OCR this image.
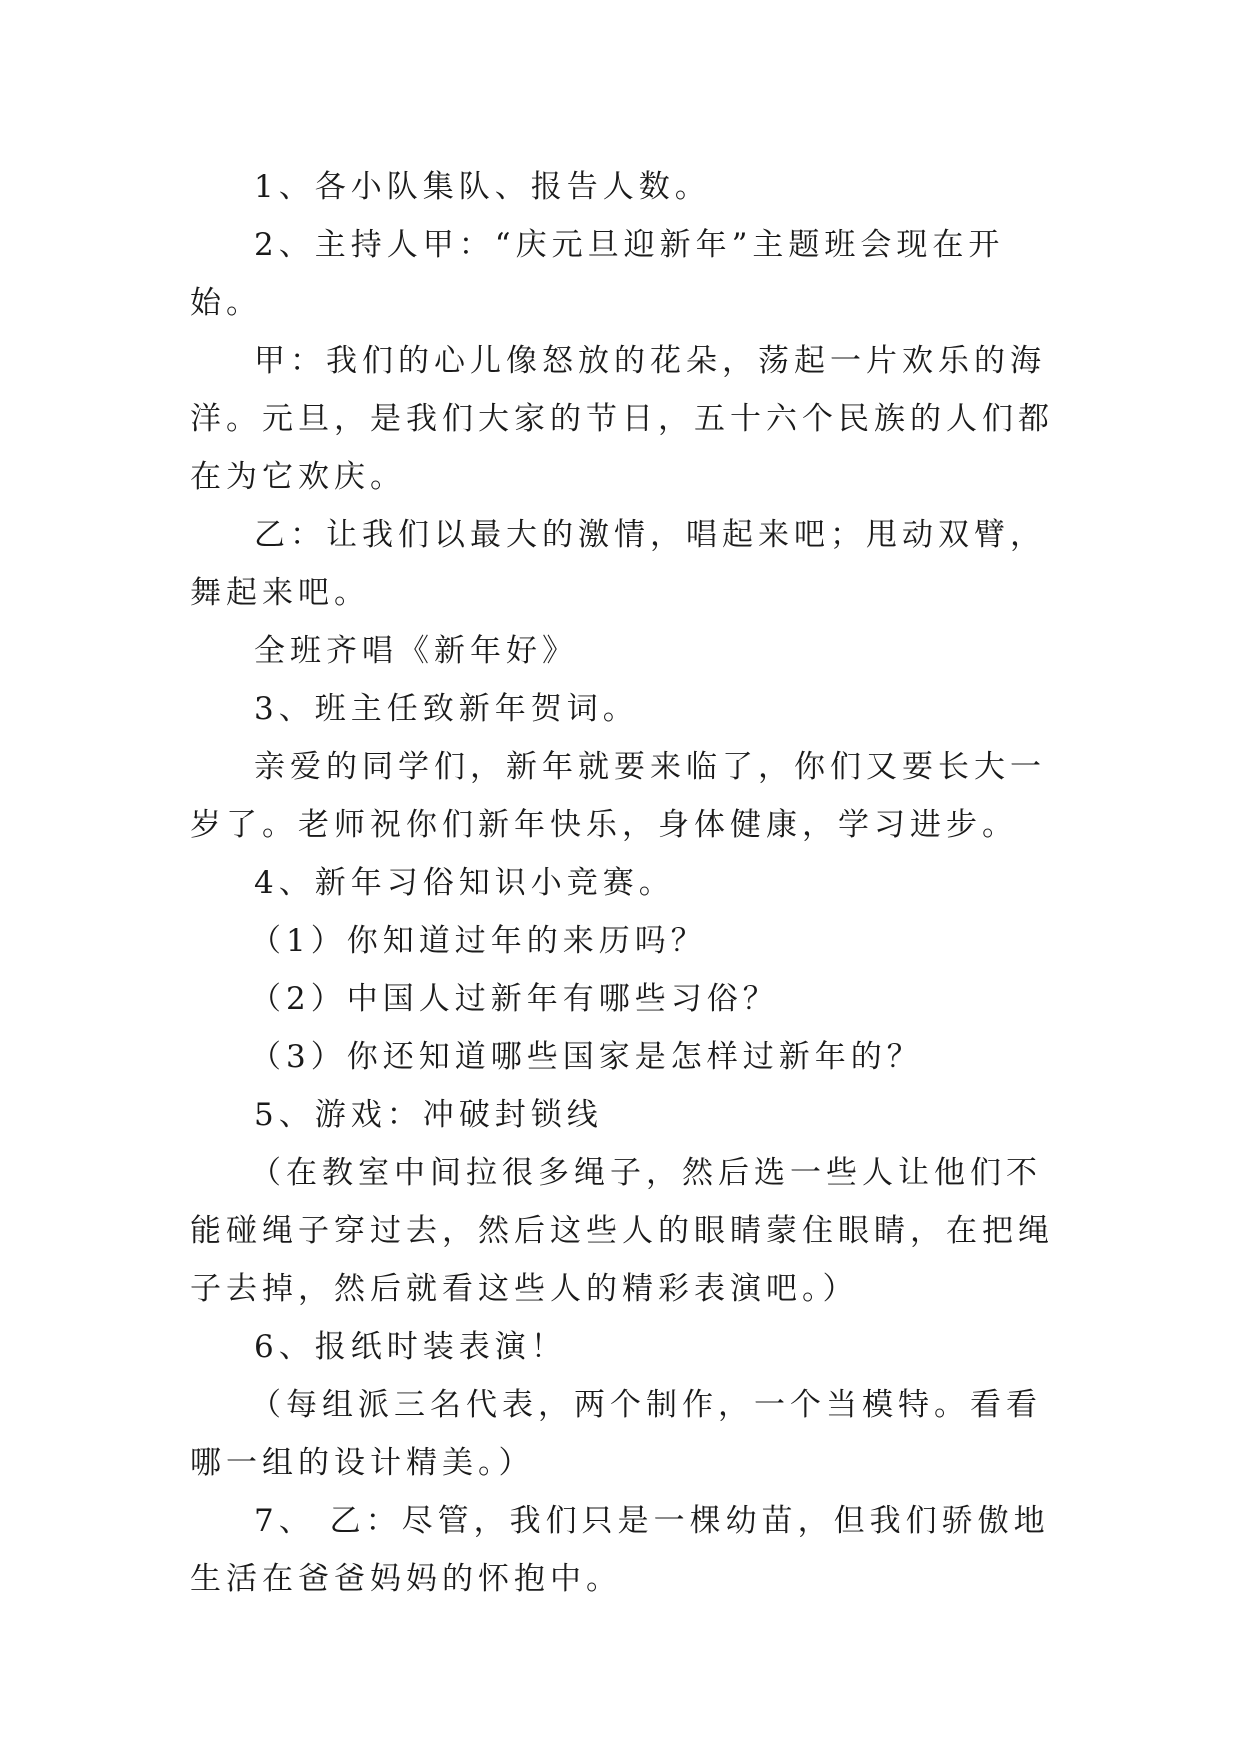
1、各小队集队、报告人数。

2、主持人甲：“庆元旦迎新年”主题班会现在开始。

甲：我们的心儿像怒放的花朵，荡起一片欢乐的海洋。元旦，是我们大家的节日，五十六个民族的人们都在为它欢庆。

乙：让我们以最大的激情，唱起来吧；甩动双臂，舞起来吧。

全班齐唱《新年好》

3、班主任致新年贺词。

亲爱的同学们，新年就要来临了，你们又要长大一岁了。老师祝你们新年快乐，身体健康，学习进步。

4、新年习俗知识小竞赛。

（1）你知道过年的来历吗？

（2）中国人过新年有哪些习俗？

（3）你还知道哪些国家是怎样过新年的？

5、游戏：冲破封锁线

（在教室中间拉很多绳子，然后选一些人让他们不能碰绳子穿过去，然后这些人的眼睛蒙住眼睛，在把绳子去掉，然后就看这些人的精彩表演吧。）

6、报纸时装表演！

（每组派三名代表，两个制作，一个当模特。看看哪一组的设计精美。）

7、 乙：尽管，我们只是一棵幼苗，但我们骄傲地生活在爸爸妈妈的怀抱中。
